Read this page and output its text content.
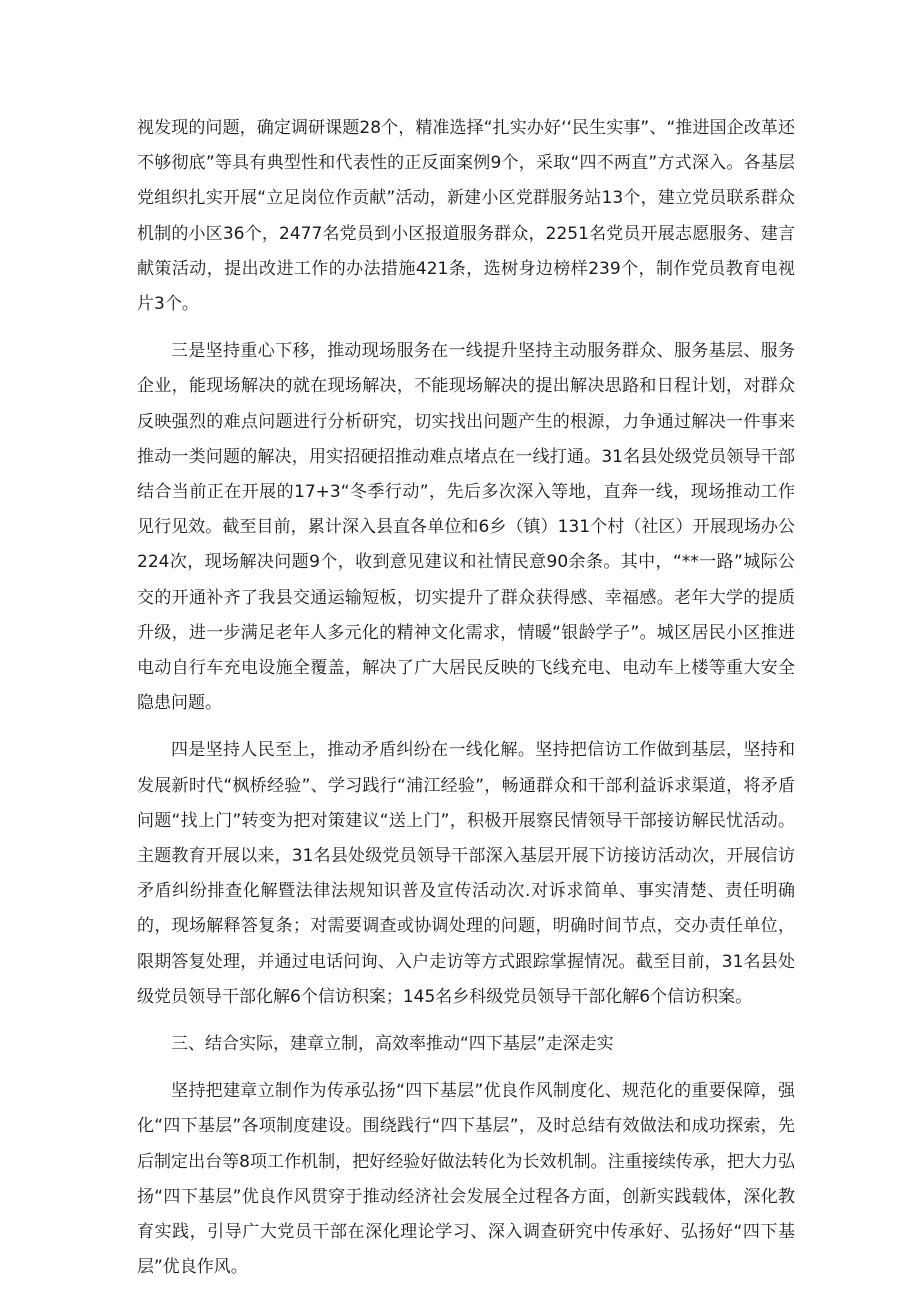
视发现的问题，确定调研课题28个，精准选择“扎实办好‘‘民生实事”、“推进国企改革还不够彻底”等具有典型性和代表性的正反面案例9个，采取“四不两直”方式深入。各基层党组织扎实开展“立足岗位作贡献”活动，新建小区党群服务站13个，建立党员联系群众机制的小区36个，2477名党员到小区报道服务群众，2251名党员开展志愿服务、建言献策活动，提出改进工作的办法措施421条，选树身边榜样239个，制作党员教育电视片3个。

三是坚持重心下移，推动现场服务在一线提升坚持主动服务群众、服务基层、服务企业，能现场解决的就在现场解决，不能现场解决的提出解决思路和日程计划，对群众反映强烈的难点问题进行分析研究，切实找出问题产生的根源，力争通过解决一件事来推动一类问题的解决，用实招硬招推动难点堵点在一线打通。31名县处级党员领导干部结合当前正在开展的17+3“冬季行动”，先后多次深入等地，直奔一线，现场推动工作见行见效。截至目前，累计深入县直各单位和6乡（镇）131个村（社区）开展现场办公224次，现场解决问题9个，收到意见建议和社情民意90余条。其中，“**一路”城际公交的开通补齐了我县交通运输短板，切实提升了群众获得感、幸福感。老年大学的提质升级，进一步满足老年人多元化的精神文化需求，情暖“银龄学子”。城区居民小区推进电动自行车充电设施全覆盖，解决了广大居民反映的飞线充电、电动车上楼等重大安全隐患问题。

四是坚持人民至上，推动矛盾纠纷在一线化解。坚持把信访工作做到基层，坚持和发展新时代“枫桥经验”、学习践行“浦江经验”，畅通群众和干部利益诉求渠道，将矛盾问题“找上门”转变为把对策建议“送上门”，积极开展察民情领导干部接访解民忧活动。主题教育开展以来，31名县处级党员领导干部深入基层开展下访接访活动次，开展信访矛盾纠纷排查化解暨法律法规知识普及宣传活动次.对诉求简单、事实清楚、责任明确的，现场解释答复条；对需要调查或协调处理的问题，明确时间节点，交办责任单位，限期答复处理，并通过电话问询、入户走访等方式跟踪掌握情况。截至目前，31名县处级党员领导干部化解6个信访积案；145名乡科级党员领导干部化解6个信访积案。

三、结合实际，建章立制，高效率推动“四下基层”走深走实

坚持把建章立制作为传承弘扬“四下基层”优良作风制度化、规范化的重要保障，强化“四下基层”各项制度建设。围绕践行“四下基层”，及时总结有效做法和成功探索，先后制定出台等8项工作机制，把好经验好做法转化为长效机制。注重接续传承，把大力弘扬“四下基层”优良作风贯穿于推动经济社会发展全过程各方面，创新实践载体，深化教育实践，引导广大党员干部在深化理论学习、深入调查研究中传承好、弘扬好“四下基层”优良作风。
